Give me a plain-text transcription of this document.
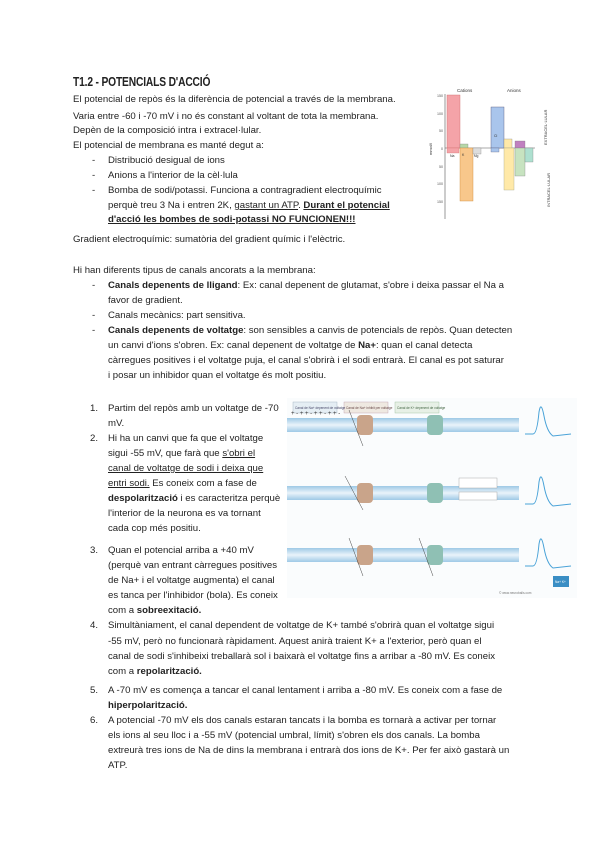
T1.2 - POTENCIALS D'ACCIÓ
El potencial de repòs és la diferència de potencial a través de la membrana.
Varia entre -60 i -70 mV i no és constant al voltant de tota la membrana.
Depèn de la composició intra i extracel·lular.
El potencial de membrana es manté degut a:
- Distribució desigual de ions
- Anions a l'interior de la cèl·lula
- Bomba de sodi/potassi. Funciona a contragradient electroquímic
perquè treu 3 Na i entren 2K, gastant un ATP. Durant el potencial
d'acció les bombes de sodi-potassi NO FUNCIONEN!!!
Gradient electroquímic: sumatòria del gradient químic i l'elèctric.
Cations	Anions
mmol/l
150
100
50
0
50
100
150
Na K	Mg
Cl	EXTRACEL·LULAR
INTRACEL·LULAR
Hi han diferents tipus de canals ancorats a la membrana:
- Canals depenents de lligand: Ex: canal depenent de glutamat, s'obre i deixa passar el Na a
favor de gradient.
- Canals mecànics: part sensitiva.
- Canals depenents de voltatge: son sensibles a canvis de potencials de repòs. Quan detecten
un canvi d'ions s'obren. Ex: canal depenent de voltatge de Na+: quan el canal detecta
càrregues positives i el voltatge puja, el canal s'obrirà i el sodi entrarà. El canal es pot saturar
i posar un inhibidor quan el voltatge és molt positiu.
1. Partim del repòs amb un voltatge de -70
mV.
2. Hi ha un canvi que fa que el voltatge
sigui -55 mV, que farà que s'obri el
canal de voltatge de sodi i deixa que
entri sodi. Es coneix com a fase de
despolarització i es caracteritza perquè
l'interior de la neurona es va tornant
cada cop més positiu.
3. Quan el potencial arriba a +40 mV
(perquè van entrant càrregues positives
de Na+ i el voltatge augmenta) el canal
es tanca per l'inhibidor (bola). Es coneix
com a sobreexitació.
Canal de Na+ depenent de voltatge Canal de Na+ inhibit per voltatge Canal de K+ depenent de voltatge
+ - + + - + + - + + -
Na+ K+
© www.neuroballs.com
4. Simultàniament, el canal dependent de voltatge de K+ també s'obrirà quan el voltatge sigui
-55 mV, però no funcionarà ràpidament. Aquest anirà traient K+ a l'exterior, però quan el
canal de sodi s'inhibeixi treballarà sol i baixarà el voltatge fins a arribar a -80 mV. Es coneix
com a repolarització.
5. A -70 mV es comença a tancar el canal lentament i arriba a -80 mV. Es coneix com a fase de
hiperpolarització.
6. A potencial -70 mV els dos canals estaran tancats i la bomba es tornarà a activar per tornar
els ions al seu lloc i a -55 mV (potencial umbral, límit) s'obren els dos canals. La bomba
extreurà tres ions de Na de dins la membrana i entrarà dos ions de K+. Per fer això gastarà un
ATP.
